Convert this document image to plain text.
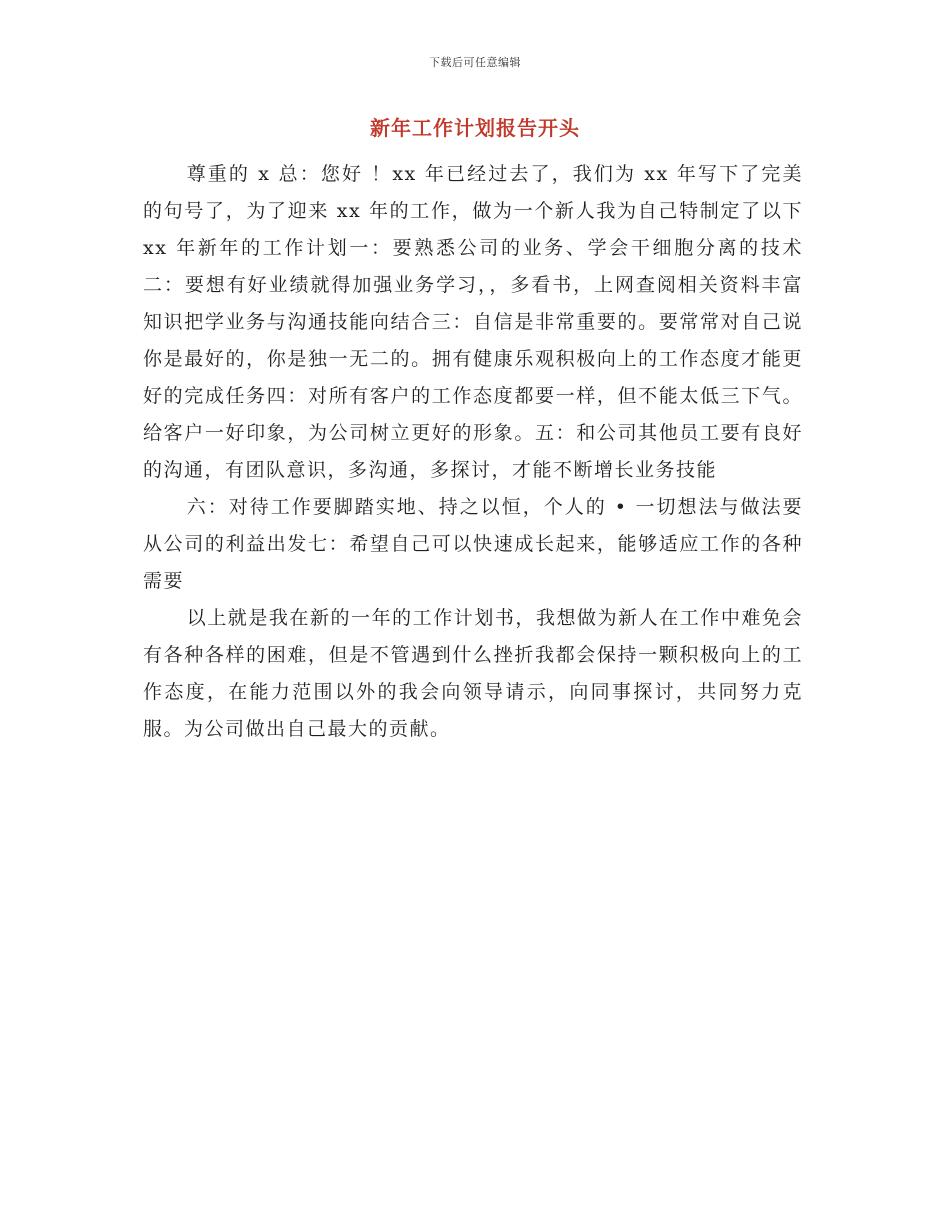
下载后可任意编辑
新年工作计划报告开头

尊重的 x 总：您好 ！xx 年已经过去了，我们为 xx 年写下了完美的句号了，为了迎来 xx 年的工作，做为一个新人我为自己特制定了以下 xx 年新年的工作计划一：要熟悉公司的业务、学会干细胞分离的技术二：要想有好业绩就得加强业务学习，，多看书，上网查阅相关资料丰富知识把学业务与沟通技能向结合三：自信是非常重要的。要常常对自己说你是最好的，你是独一无二的。拥有健康乐观积极向上的工作态度才能更好的完成任务四：对所有客户的工作态度都要一样，但不能太低三下气。给客户一好印象，为公司树立更好的形象。五：和公司其他员工要有良好的沟通，有团队意识，多沟通，多探讨，才能不断增长业务技能

六：对待工作要脚踏实地、持之以恒，个人的 • 一切想法与做法要从公司的利益出发七：希望自己可以快速成长起来，能够适应工作的各种需要

以上就是我在新的一年的工作计划书，我想做为新人在工作中难免会有各种各样的困难，但是不管遇到什么挫折我都会保持一颗积极向上的工作态度，在能力范围以外的我会向领导请示，向同事探讨，共同努力克服。为公司做出自己最大的贡献。
